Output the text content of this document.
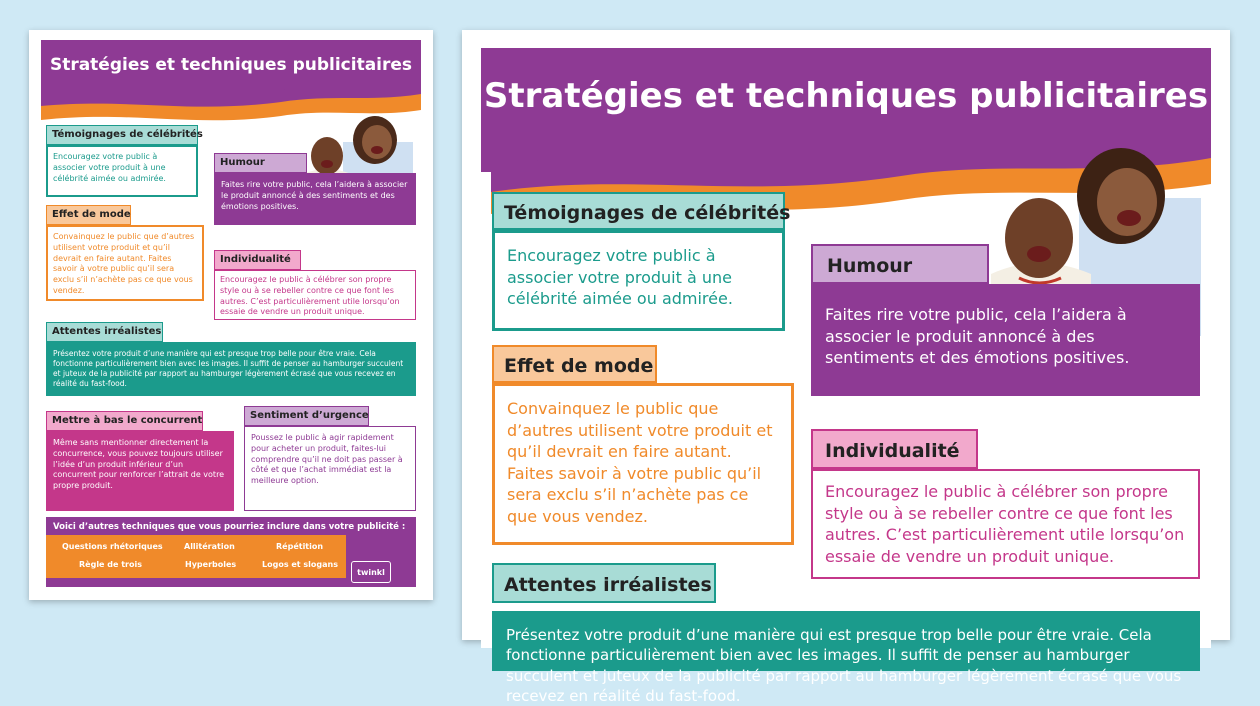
Stratégies et techniques publicitaires
Témoignages de célébrités

Encouragez votre public à associer votre produit à une célébrité aimée ou admirée.

Humour

Faites rire votre public, cela l’aidera à associer le produit annoncé à des sentiments et des émotions positives.

Effet de mode

Convainquez le public que d’autres utilisent votre produit et qu’il devrait en faire autant. Faites savoir à votre public qu’il sera exclu s’il n’achète pas ce que vous vendez.

Individualité

Encouragez le public à célébrer son propre style ou à se rebeller contre ce que font les autres. C’est particulièrement utile lorsqu’on essaie de vendre un produit unique.

Attentes irréalistes

Présentez votre produit d’une manière qui est presque trop belle pour être vraie. Cela fonctionne particulièrement bien avec les images. Il suffit de penser au hamburger succulent et juteux de la publicité par rapport au hamburger légèrement écrasé que vous recevez en réalité du fast-food.

Mettre à bas le concurrent

Même sans mentionner directement la concurrence, vous pouvez toujours utiliser l’idée d’un produit inférieur d’un concurrent pour renforcer l’attrait de votre propre produit.

Sentiment d’urgence

Poussez le public à agir rapidement pour acheter un produit, faites-lui comprendre qu’il ne doit pas passer à côté et que l’achat immédiat est la meilleure option.

Voici d’autres techniques que vous pourriez inclure dans votre publicité :
Questions rhétoriques	Allitération	Répétition
Règle de trois	Hyperboles	Logos et slogans
twinkl
Stratégies et techniques publicitaires
Témoignages de célébrités

Encouragez votre public à associer votre produit à une célébrité aimée ou admirée.

Humour

Faites rire votre public, cela l’aidera à associer le produit annoncé à des sentiments et des émotions positives.

Effet de mode

Convainquez le public que d’autres utilisent votre produit et qu’il devrait en faire autant. Faites savoir à votre public qu’il sera exclu s’il n’achète pas ce que vous vendez.

Individualité

Encouragez le public à célébrer son propre style ou à se rebeller contre ce que font les autres. C’est particulièrement utile lorsqu’on essaie de vendre un produit unique.

Attentes irréalistes

Présentez votre produit d’une manière qui est presque trop belle pour être vraie. Cela fonctionne particulièrement bien avec les images. Il suffit de penser au hamburger succulent et juteux de la publicité par rapport au hamburger légèrement écrasé que vous recevez en réalité du fast-food.
